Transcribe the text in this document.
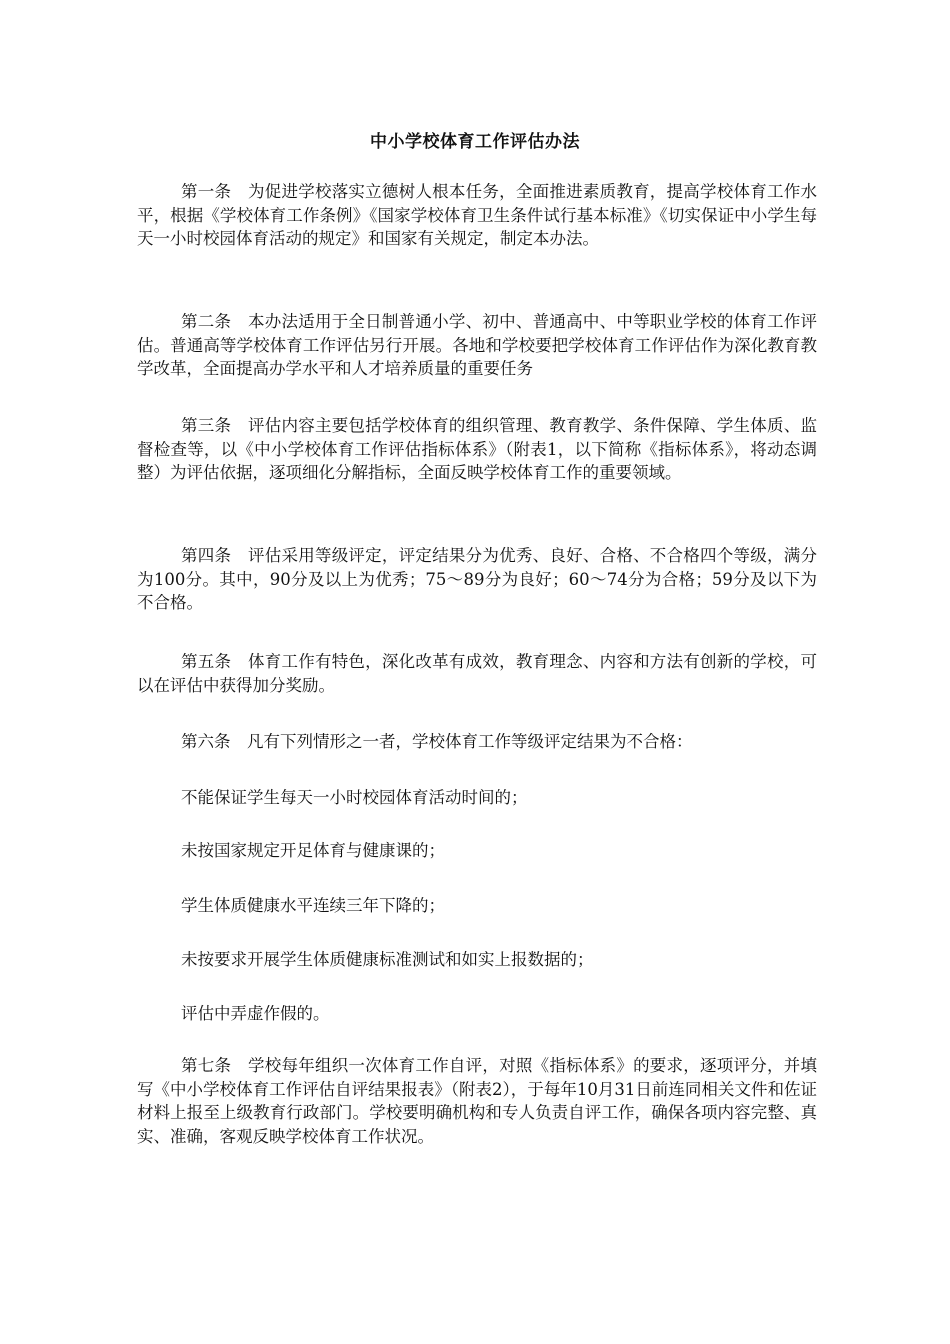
中小学校体育工作评估办法

第一条　为促进学校落实立德树人根本任务，全面推进素质教育，提高学校体育工作水平，根据《学校体育工作条例》《国家学校体育卫生条件试行基本标准》《切实保证中小学生每天一小时校园体育活动的规定》和国家有关规定，制定本办法。

第二条　本办法适用于全日制普通小学、初中、普通高中、中等职业学校的体育工作评估。普通高等学校体育工作评估另行开展。各地和学校要把学校体育工作评估作为深化教育教学改革，全面提高办学水平和人才培养质量的重要任务

第三条　评估内容主要包括学校体育的组织管理、教育教学、条件保障、学生体质、监督检查等，以《中小学校体育工作评估指标体系》（附表1，以下简称《指标体系》，将动态调整）为评估依据，逐项细化分解指标，全面反映学校体育工作的重要领域。

第四条　评估采用等级评定，评定结果分为优秀、良好、合格、不合格四个等级，满分为100分。其中，90分及以上为优秀；75～89分为良好；60～74分为合格；59分及以下为不合格。

第五条　体育工作有特色，深化改革有成效，教育理念、内容和方法有创新的学校，可以在评估中获得加分奖励。

第六条　凡有下列情形之一者，学校体育工作等级评定结果为不合格：

不能保证学生每天一小时校园体育活动时间的；

未按国家规定开足体育与健康课的；

学生体质健康水平连续三年下降的；

未按要求开展学生体质健康标准测试和如实上报数据的；

评估中弄虚作假的。

第七条　学校每年组织一次体育工作自评，对照《指标体系》的要求，逐项评分，并填写《中小学校体育工作评估自评结果报表》（附表2），于每年10月31日前连同相关文件和佐证材料上报至上级教育行政部门。学校要明确机构和专人负责自评工作，确保各项内容完整、真实、准确，客观反映学校体育工作状况。
